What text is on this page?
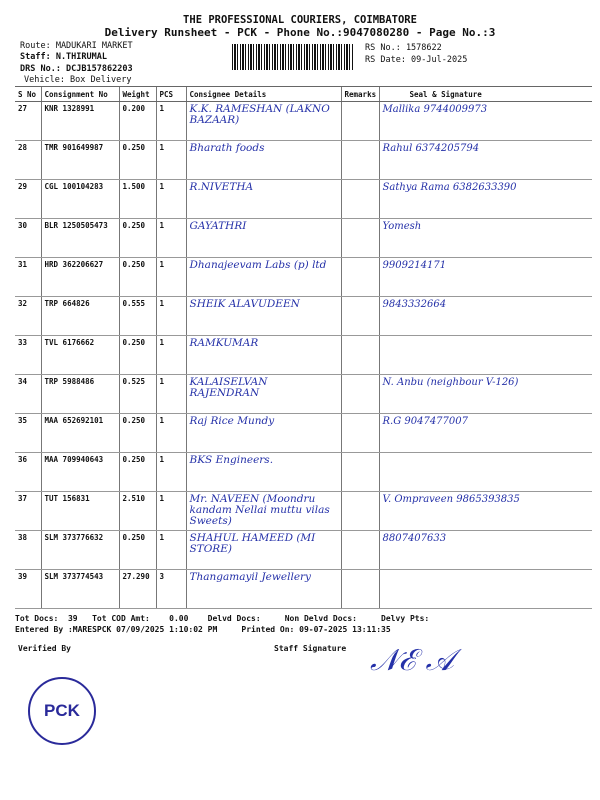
THE PROFESSIONAL COURIERS, COIMBATORE
Delivery Runsheet - PCK - Phone No.:9047080280 - Page No.:3
Route: MADUKARI MARKET
Staff: N.THIRUMAL
DRS No.: DCJB157862203
Vehicle: Box Delivery
RS No.: 1578622
RS Date: 09-Jul-2025
S No	Consignment No	Weight	PCS	Consignee Details	Remarks	Seal & Signature
27	KNR 1328991	0.200	1	K.K. RAMESHAN (LAKNO BAZAAR)		Mallika 9744009973
28	TMR 901649987	0.250	1	Bharath foods		Rahul 6374205794
29	CGL 100104283	1.500	1	R.NIVETHA		Sathya Rama 6382633390
30	BLR 1250505473	0.250	1	GAYATHRI		Yomesh
31	HRD 362206627	0.250	1	Dhanajeevam Labs (p) ltd		9909214171
32	TRP 664826	0.555	1	SHEIK ALAVUDEEN		9843332664
33	TVL 6176662	0.250	1	RAMKUMAR		
34	TRP 5988486	0.525	1	KALAISELVAN RAJENDRAN		N. Anbu (neighbour V-126)
35	MAA 652692101	0.250	1	Raj Rice Mundy		R.G 9047477007
36	MAA 709940643	0.250	1	BKS Engineers.		
37	TUT 156831	2.510	1	Mr. NAVEEN (Moondru kandam Nellai muttu vilas Sweets)		V. Ompraveen 9865393835
38	SLM 373776632	0.250	1	SHAHUL HAMEED (MI STORE)		8807407633
39	SLM 373774543	27.290	3	Thangamayil Jewellery		
Tot Docs:  39   Tot COD Amt:    0.00    Delvd Docs:     Non Delvd Docs:     Delvy Pts:
Entered By :MARESPCK 07/09/2025 1:10:02 PM     Printed On: 09-07-2025 13:11:35
Verified By	Staff Signature 𝒩ℰ 𝒜
PCK
